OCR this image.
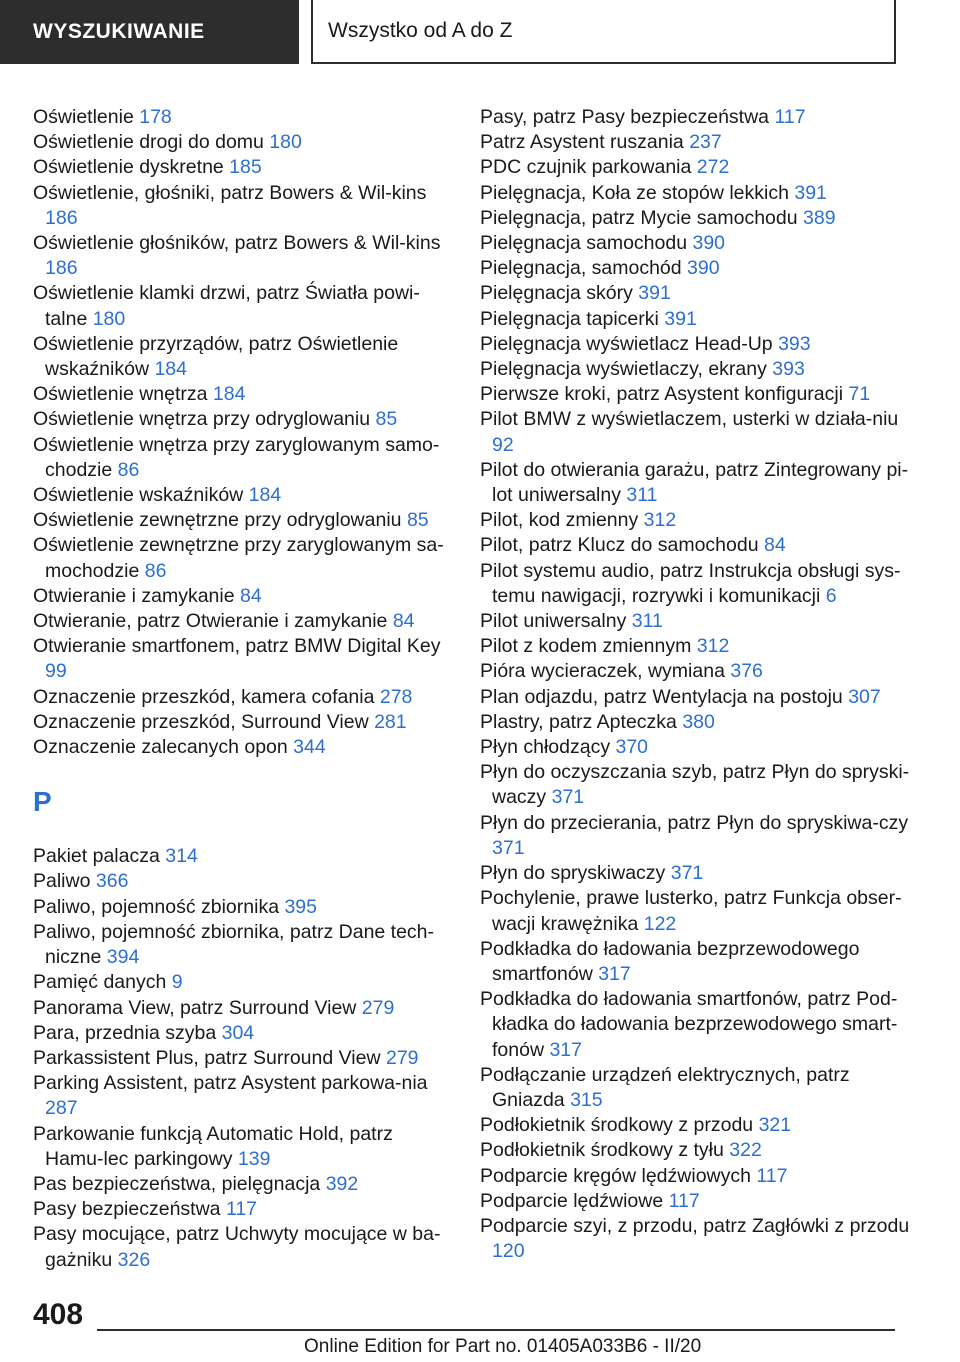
WYSZUKIWANIE	Wszystko od A do Z
Oświetlenie 178
Oświetlenie drogi do domu 180
Oświetlenie dyskretne 185
Oświetlenie, głośniki, patrz Bowers & Wil-kins 186
Oświetlenie głośników, patrz Bowers & Wil-kins 186
Oświetlenie klamki drzwi, patrz Światła powi-talne 180
Oświetlenie przyrządów, patrz Oświetlenie wskaźników 184
Oświetlenie wnętrza 184
Oświetlenie wnętrza przy odryglowaniu 85
Oświetlenie wnętrza przy zaryglowanym samo-chodzie 86
Oświetlenie wskaźników 184
Oświetlenie zewnętrzne przy odryglowaniu 85
Oświetlenie zewnętrzne przy zaryglowanym sa-mochodzie 86
Otwieranie i zamykanie 84
Otwieranie, patrz Otwieranie i zamykanie 84
Otwieranie smartfonem, patrz BMW Digital Key 99
Oznaczenie przeszkód, kamera cofania 278
Oznaczenie przeszkód, Surround View 281
Oznaczenie zalecanych opon 344
P
Pakiet palacza 314
Paliwo 366
Paliwo, pojemność zbiornika 395
Paliwo, pojemność zbiornika, patrz Dane tech-niczne 394
Pamięć danych 9
Panorama View, patrz Surround View 279
Para, przednia szyba 304
Parkassistent Plus, patrz Surround View 279
Parking Assistent, patrz Asystent parkowa-nia 287
Parkowanie funkcją Automatic Hold, patrz Hamu-lec parkingowy 139
Pas bezpieczeństwa, pielęgnacja 392
Pasy bezpieczeństwa 117
Pasy mocujące, patrz Uchwyty mocujące w ba-gażniku 326
Pasy, patrz Pasy bezpieczeństwa 117
Patrz Asystent ruszania 237
PDC czujnik parkowania 272
Pielęgnacja, Koła ze stopów lekkich 391
Pielęgnacja, patrz Mycie samochodu 389
Pielęgnacja samochodu 390
Pielęgnacja, samochód 390
Pielęgnacja skóry 391
Pielęgnacja tapicerki 391
Pielęgnacja wyświetlacz Head-Up 393
Pielęgnacja wyświetlaczy, ekrany 393
Pierwsze kroki, patrz Asystent konfiguracji 71
Pilot BMW z wyświetlaczem, usterki w działa-niu 92
Pilot do otwierania garażu, patrz Zintegrowany pi-lot uniwersalny 311
Pilot, kod zmienny 312
Pilot, patrz Klucz do samochodu 84
Pilot systemu audio, patrz Instrukcja obsługi sys-temu nawigacji, rozrywki i komunikacji 6
Pilot uniwersalny 311
Pilot z kodem zmiennym 312
Pióra wycieraczek, wymiana 376
Plan odjazdu, patrz Wentylacja na postoju 307
Plastry, patrz Apteczka 380
Płyn chłodzący 370
Płyn do oczyszczania szyb, patrz Płyn do spryski-waczy 371
Płyn do przecierania, patrz Płyn do spryskiwa-czy 371
Płyn do spryskiwaczy 371
Pochylenie, prawe lusterko, patrz Funkcja obser-wacji krawężnika 122
Podkładka do ładowania bezprzewodowego smartfonów 317
Podkładka do ładowania smartfonów, patrz Pod-kładka do ładowania bezprzewodowego smart-fonów 317
Podłączanie urządzeń elektrycznych, patrz Gniazda 315
Podłokietnik środkowy z przodu 321
Podłokietnik środkowy z tyłu 322
Podparcie kręgów lędźwiowych 117
Podparcie lędźwiowe 117
Podparcie szyi, z przodu, patrz Zagłówki z przodu 120
408
Online Edition for Part no. 01405A033B6 - II/20
